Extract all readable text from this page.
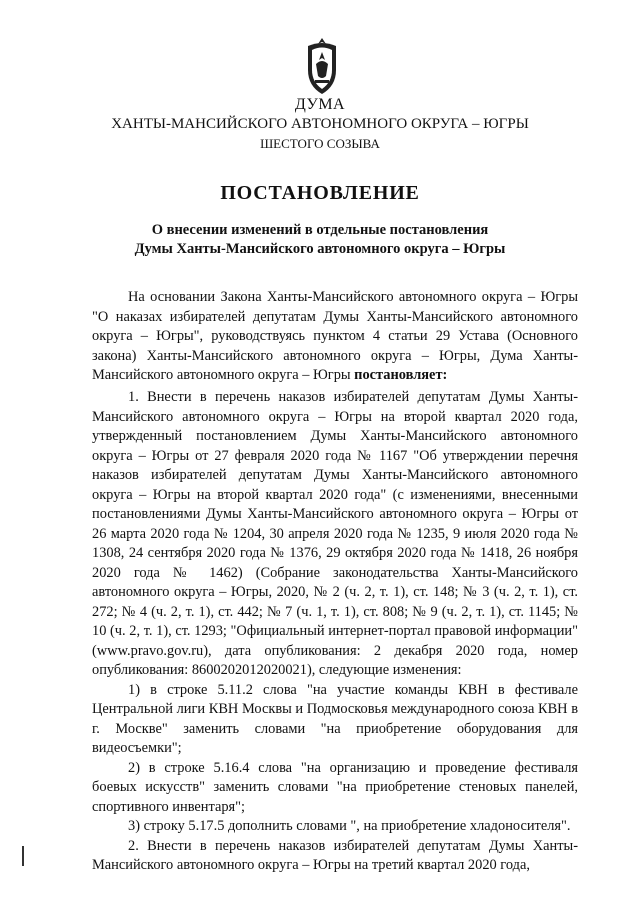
ДУМА
ХАНТЫ-МАНСИЙСКОГО АВТОНОМНОГО ОКРУГА – ЮГРЫ
ШЕСТОГО СОЗЫВА
ПОСТАНОВЛЕНИЕ
О внесении изменений в отдельные постановления
Думы Ханты-Мансийского автономного округа – Югры

На основании Закона Ханты-Мансийского автономного округа – Югры "О наказах избирателей депутатам Думы Ханты-Мансийского автономного округа – Югры", руководствуясь пунктом 4 статьи 29 Устава (Основного закона) Ханты-Мансийского автономного округа – Югры, Дума Ханты-Мансийского автономного округа – Югры постановляет:

1. Внести в перечень наказов избирателей депутатам Думы Ханты-Мансийского автономного округа – Югры на второй квартал 2020 года, утвержденный постановлением Думы Ханты-Мансийского автономного округа – Югры от 27 февраля 2020 года № 1167 "Об утверждении перечня наказов избирателей депутатам Думы Ханты-Мансийского автономного округа – Югры на второй квартал 2020 года" (с изменениями, внесенными постановлениями Думы Ханты-Мансийского автономного округа – Югры от 26 марта 2020 года № 1204, 30 апреля 2020 года № 1235, 9 июля 2020 года № 1308, 24 сентября 2020 года № 1376, 29 октября 2020 года № 1418, 26 ноября 2020 года № 1462) (Собрание законодательства Ханты-Мансийского автономного округа – Югры, 2020, № 2 (ч. 2, т. 1), ст. 148; № 3 (ч. 2, т. 1), ст. 272; № 4 (ч. 2, т. 1), ст. 442; № 7 (ч. 1, т. 1), ст. 808; № 9 (ч. 2, т. 1), ст. 1145; № 10 (ч. 2, т. 1), ст. 1293; "Официальный интернет-портал правовой информации" (www.pravo.gov.ru), дата опубликования: 2 декабря 2020 года, номер опубликования: 8600202012020021), следующие изменения:

1) в строке 5.11.2 слова "на участие команды КВН в фестивале Центральной лиги КВН Москвы и Подмосковья международного союза КВН в г. Москве" заменить словами "на приобретение оборудования для видеосъемки";

2) в строке 5.16.4 слова "на организацию и проведение фестиваля боевых искусств" заменить словами "на приобретение стеновых панелей, спортивного инвентаря";

3) строку 5.17.5 дополнить словами ", на приобретение хладоносителя".

2. Внести в перечень наказов избирателей депутатам Думы Ханты-Мансийского автономного округа – Югры на третий квартал 2020 года,
